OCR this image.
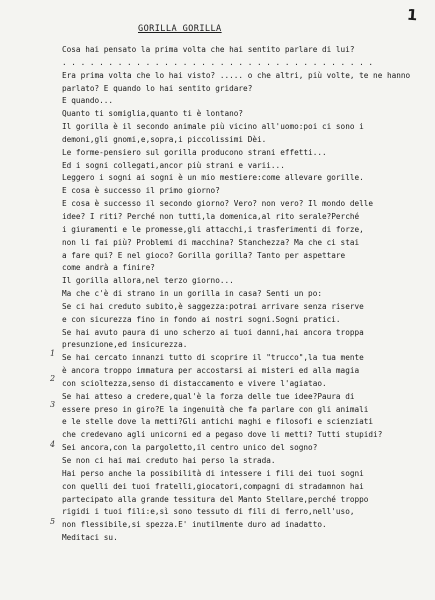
1
GORILLA GORILLA
1
2
3
4
5
Cosa hai pensato la prima volta che hai sentito parlare di lui?
. . . . . . . . . . . . . . . . . . . . . . . . . . . . . . . . . .
Era prima volta che lo hai visto? ..... o che altri, più volte, te ne hanno
parlato? E quando lo hai sentito gridare?
E quando...
Quanto ti somiglia,quanto ti è lontano?
Il gorilla è il secondo animale più vicino all'uomo:poi ci sono i
demoni,gli gnomi,e,sopra,i piccolissimi Dèi.
Le forme-pensiero sul gorilla producono strani effetti...
Ed i sogni collegati,ancor più strani e varii...
Leggero i sogni ai sogni è un mio mestiere:come allevare gorille.
E cosa è successo il primo giorno?
E cosa è successo il secondo giorno? Vero? non vero? Il mondo delle
idee? I riti? Perché non tutti,la domenica,al rito serale?Perché
i giuramenti e le promesse,gli attacchi,i trasferimenti di forze,
non li fai più? Problemi di macchina? Stanchezza? Ma che ci stai
a fare qui? E nel gioco? Gorilla gorilla? Tanto per aspettare
come andrà a finire?
Il gorilla allora,nel terzo giorno...
Ma che c'è di strano in un gorilla in casa? Senti un po:
Se ci hai creduto subito,è saggezza:potrai arrivare senza riserve
e con sicurezza fino in fondo ai nostri sogni.Sogni pratici.
Se hai avuto paura di uno scherzo ai tuoi danni,hai ancora troppa
presunzione,ed insicurezza.
Se hai cercato innanzi tutto di scoprire il "trucco",la tua mente
è ancora troppo immatura per accostarsi ai misteri ed alla magia
con scioltezza,senso di distaccamento e vivere l'agiatao.
Se hai atteso a credere,qual'è la forza delle tue idee?Paura di
essere preso in giro?E la ingenuità che fa parlare con gli animali
e le stelle dove la metti?Gli antichi maghi e filosofi e scienziati
che credevano agli unicorni ed a pegaso dove li metti? Tutti stupidi?
Sei ancora,con la pargoletto,il centro unico del sogno?
Se non ci hai mai creduto hai perso la strada.
Hai perso anche la possibilità di intessere i fili dei tuoi sogni
con quelli dei tuoi fratelli,giocatori,compagni di stradamnon hai
partecipato alla grande tessitura del Manto Stellare,perché troppo
rigidi i tuoi fili:e,sì sono tessuto di fili di ferro,nell'uso,
non flessibile,si spezza.E' inutilmente duro ad inadatto.
Meditaci su.
